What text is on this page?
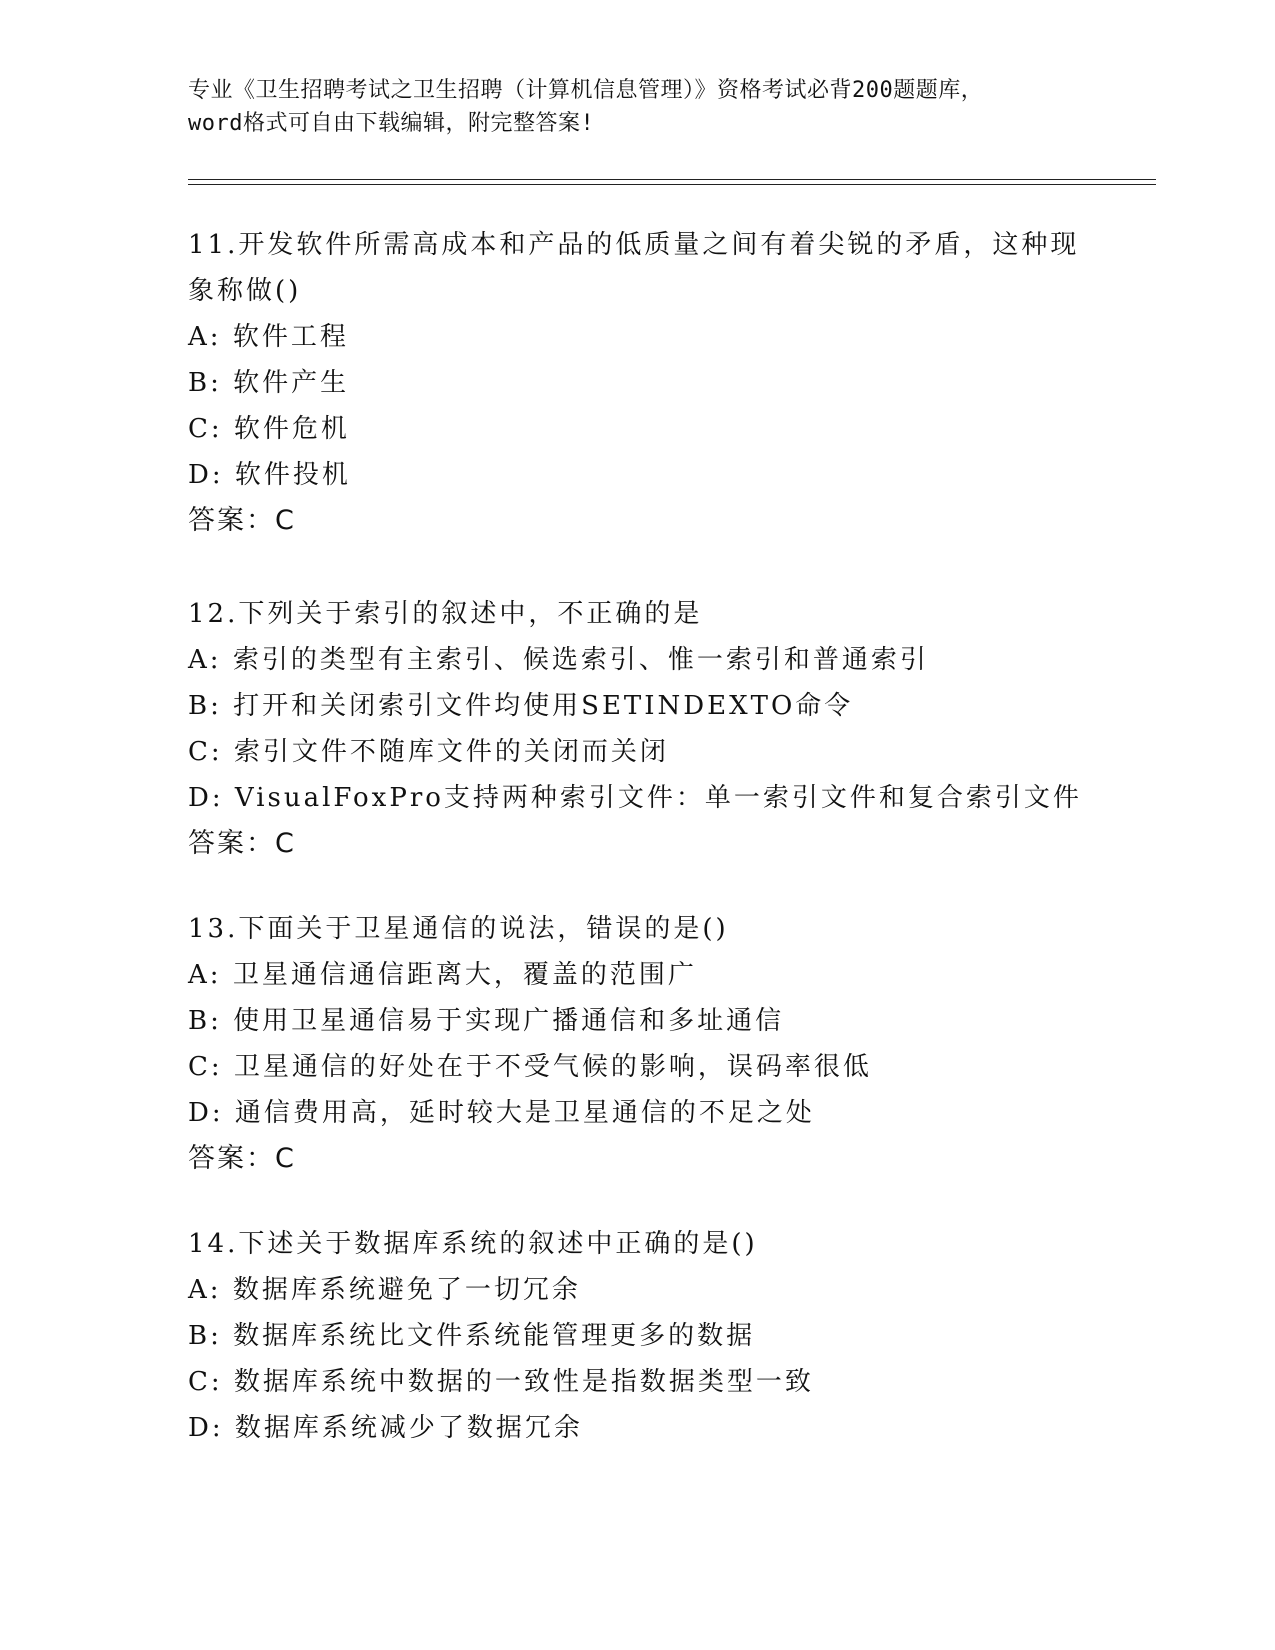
专业《卫生招聘考试之卫生招聘（计算机信息管理）》资格考试必背200题题库，
word格式可自由下载编辑，附完整答案!
11.开发软件所需高成本和产品的低质量之间有着尖锐的矛盾，这种现
象称做()
A: 软件工程
B: 软件产生
C: 软件危机
D: 软件投机
答案：C
12.下列关于索引的叙述中，不正确的是
A: 索引的类型有主索引、候选索引、惟一索引和普通索引
B: 打开和关闭索引文件均使用SETINDEXTO命令
C: 索引文件不随库文件的关闭而关闭
D: VisualFoxPro支持两种索引文件：单一索引文件和复合索引文件
答案：C
13.下面关于卫星通信的说法，错误的是()
A: 卫星通信通信距离大，覆盖的范围广
B: 使用卫星通信易于实现广播通信和多址通信
C: 卫星通信的好处在于不受气候的影响，误码率很低
D: 通信费用高，延时较大是卫星通信的不足之处
答案：C
14.下述关于数据库系统的叙述中正确的是()
A: 数据库系统避免了一切冗余
B: 数据库系统比文件系统能管理更多的数据
C: 数据库系统中数据的一致性是指数据类型一致
D: 数据库系统减少了数据冗余
